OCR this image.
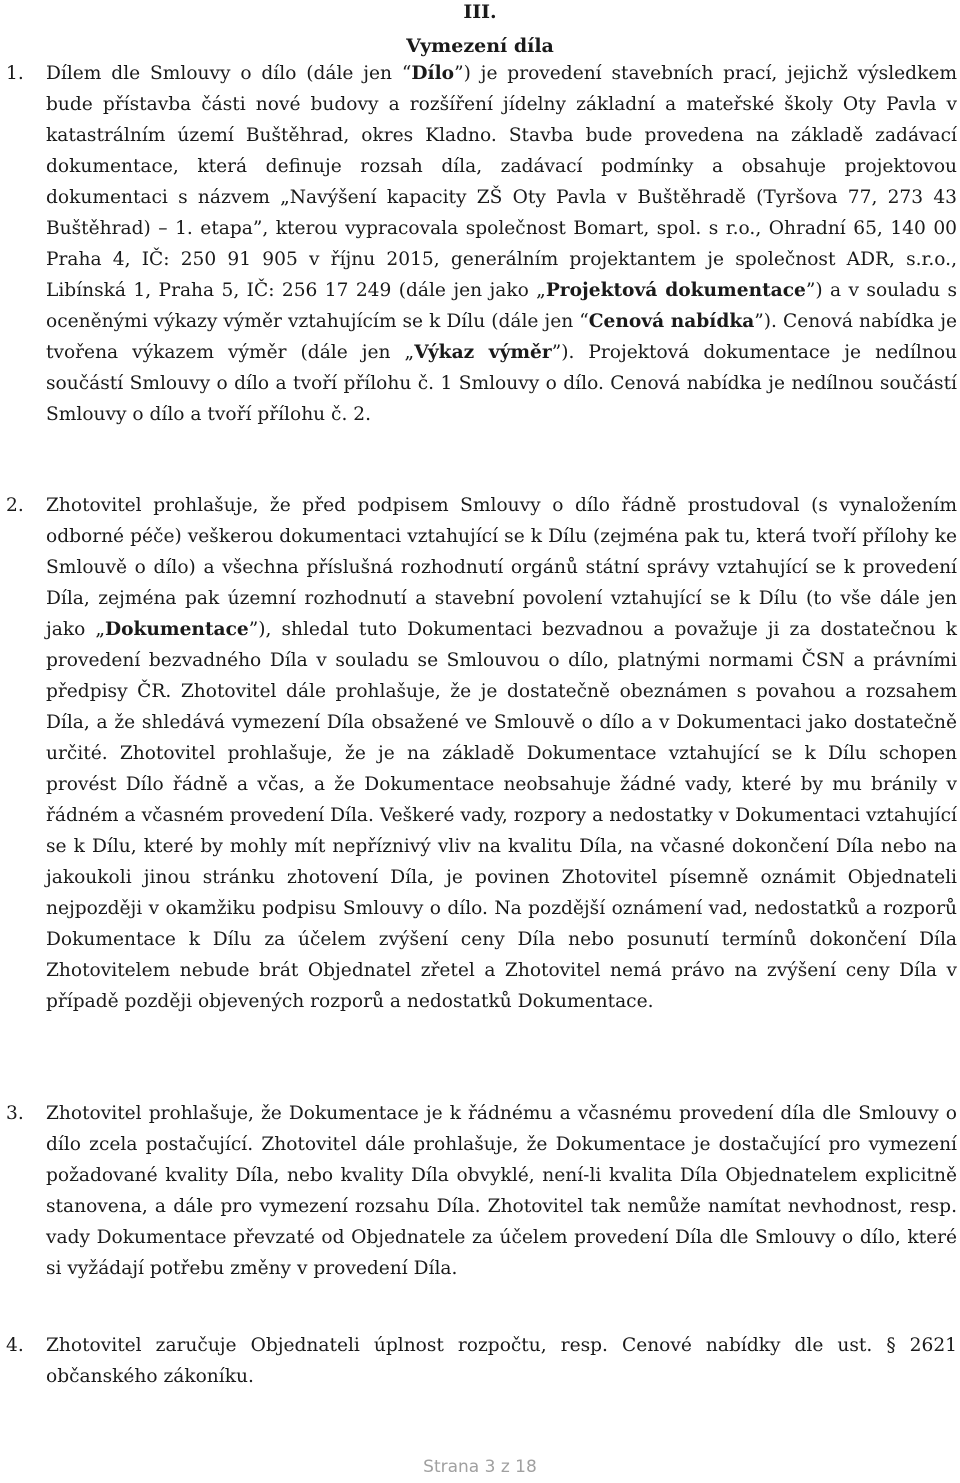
III.
Vymezení díla
1.	Dílem dle Smlouvy o dílo (dále jen “Dílo”) je provedení stavebních prací, jejichž výsledkem bude přístavba části nové budovy a rozšíření jídelny základní a mateřské školy Oty Pavla v katastrálním území Buštěhrad, okres Kladno. Stavba bude provedena na základě zadávací dokumentace, která definuje rozsah díla, zadávací podmínky a obsahuje projektovou dokumentaci s názvem „Navýšení kapacity ZŠ Oty Pavla v Buštěhradě (Tyršova 77, 273 43 Buštěhrad) – 1. etapa”, kterou vypracovala společnost Bomart, spol. s r.o., Ohradní 65, 140 00 Praha 4, IČ: 250 91 905 v říjnu 2015, generálním projektantem je společnost ADR, s.r.o., Libínská 1, Praha 5, IČ: 256 17 249 (dále jen jako „Projektová dokumentace”) a v souladu s oceněnými výkazy výměr vztahujícím se k Dílu (dále jen “Cenová nabídka”). Cenová nabídka je tvořena výkazem výměr (dále jen „Výkaz výměr”). Projektová dokumentace je nedílnou součástí Smlouvy o dílo a tvoří přílohu č. 1 Smlouvy o dílo. Cenová nabídka je nedílnou součástí Smlouvy o dílo a tvoří přílohu č. 2.
2.	Zhotovitel prohlašuje, že před podpisem Smlouvy o dílo řádně prostudoval (s vynaložením odborné péče) veškerou dokumentaci vztahující se k Dílu (zejména pak tu, která tvoří přílohy ke Smlouvě o dílo) a všechna příslušná rozhodnutí orgánů státní správy vztahující se k provedení Díla, zejména pak územní rozhodnutí a stavební povolení vztahující se k Dílu (to vše dále jen jako „Dokumentace”), shledal tuto Dokumentaci bezvadnou a považuje ji za dostatečnou k provedení bezvadného Díla v souladu se Smlouvou o dílo, platnými normami ČSN a právními předpisy ČR. Zhotovitel dále prohlašuje, že je dostatečně obeznámen s povahou a rozsahem Díla, a že shledává vymezení Díla obsažené ve Smlouvě o dílo a v Dokumentaci jako dostatečně určité. Zhotovitel prohlašuje, že je na základě Dokumentace vztahující se k Dílu schopen provést Dílo řádně a včas, a že Dokumentace neobsahuje žádné vady, které by mu bránily v řádném a včasném provedení Díla. Veškeré vady, rozpory a nedostatky v Dokumentaci vztahující se k Dílu, které by mohly mít nepříznivý vliv na kvalitu Díla, na včasné dokončení Díla nebo na jakoukoli jinou stránku zhotovení Díla, je povinen Zhotovitel písemně oznámit Objednateli nejpozději v okamžiku podpisu Smlouvy o dílo. Na pozdější oznámení vad, nedostatků a rozporů Dokumentace k Dílu za účelem zvýšení ceny Díla nebo posunutí termínů dokončení Díla Zhotovitelem nebude brát Objednatel zřetel a Zhotovitel nemá právo na zvýšení ceny Díla v případě později objevených rozporů a nedostatků Dokumentace.
3.	Zhotovitel prohlašuje, že Dokumentace je k řádnému a včasnému provedení díla dle Smlouvy o dílo zcela postačující. Zhotovitel dále prohlašuje, že Dokumentace je dostačující pro vymezení požadované kvality Díla, nebo kvality Díla obvyklé, není-li kvalita Díla Objednatelem explicitně stanovena, a dále pro vymezení rozsahu Díla. Zhotovitel tak nemůže namítat nevhodnost, resp. vady Dokumentace převzaté od Objednatele za účelem provedení Díla dle Smlouvy o dílo, které si vyžádají potřebu změny v provedení Díla.
4.	Zhotovitel zaručuje Objednateli úplnost rozpočtu, resp. Cenové nabídky dle ust. § 2621 občanského zákoníku.
Strana 3 z 18
